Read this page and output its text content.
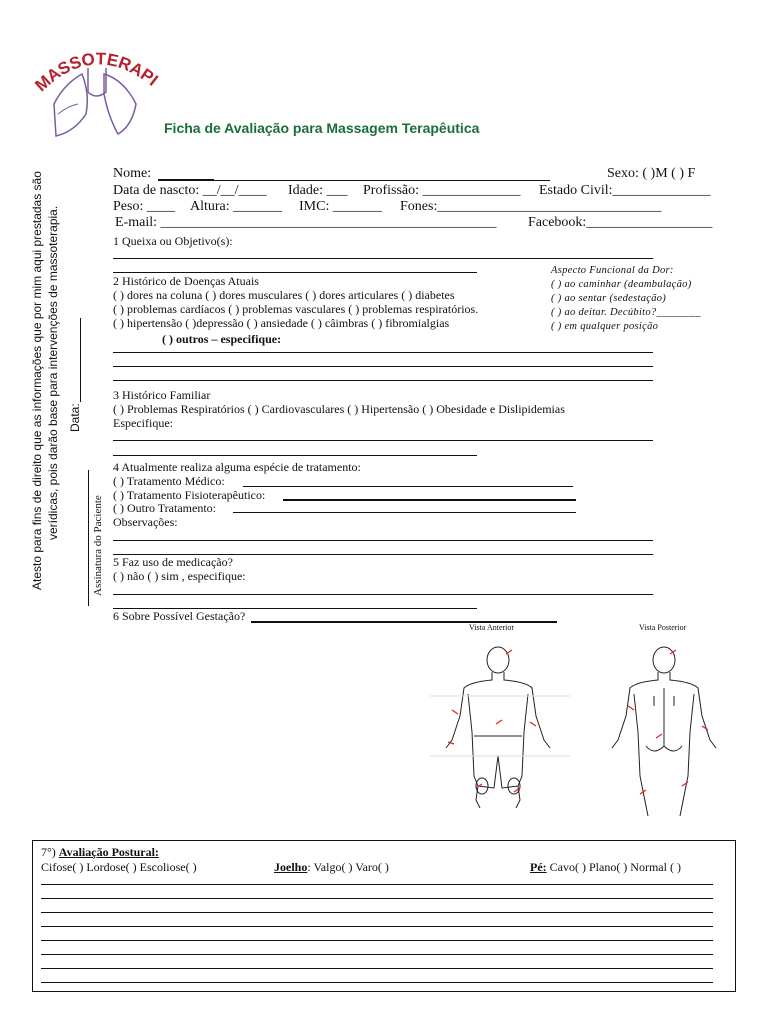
ASSOTERAPI
Ficha de Avaliação para Massagem Terapêutica
Atesto para fins de direito que as informações que por mim aqui prestadas são verídicas, pois darão base para intervenções de massoterapia. Data:
Assinatura do Paciente
Nome:	Sexo: ( )M ( ) F
Data de nascto: __/__/____ Idade: ___ Profissão: ______________ Estado Civil:______________
Peso: ____ Altura: _______ IMC: _______ Fones:________________________________
E-mail: ________________________________________________ Facebook:__________________
1 Queixa ou Objetivo(s):
2 Histórico de Doenças Atuais
( ) dores na coluna ( ) dores musculares ( ) dores articulares ( ) diabetes
( ) problemas cardíacos ( ) problemas vasculares ( ) problemas respiratórios.
( ) hipertensão ( )depressão ( ) ansiedade ( ) câimbras ( ) fibromialgias
( ) outros – especifique:
Aspecto Funcional da Dor:
( ) ao caminhar (deambulação)
( ) ao sentar (sedestação)
( ) ao deitar. Decúbito?________
( ) em qualquer posição
3 Histórico Familiar
( ) Problemas Respiratórios ( ) Cardiovasculares ( ) Hipertensão ( ) Obesidade e Dislipidemias
Especifique:
4 Atualmente realiza alguma espécie de tratamento:
( ) Tratamento Médico:
( ) Tratamento Fisioterapêutico:
( ) Outro Tratamento:
Observações:
5 Faz uso de medicação?
( ) não ( ) sim , especifique:
6 Sobre Possível Gestação?
Vista Anterior	Vista Posterior
7°) Avaliação Postural:
Cifose( ) Lordose( ) Escoliose( )	Joelho: Valgo( ) Varo( )	Pé: Cavo( ) Plano( ) Normal ( )
